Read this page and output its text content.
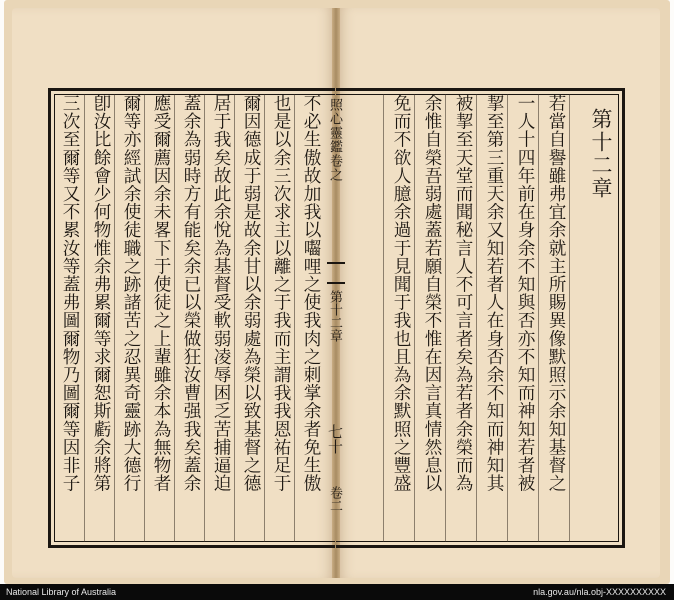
第十二章
若當自譽雖弗宜余就主所賜異像默照示余知基督之
一人十四年前在身余不知與否亦不知而神知若者被
挈至第三重天余又知若者人在身否余不知而神知其
被挈至天堂而聞秘言人不可言者矣為若者余榮而為
余惟自榮吾弱處蓋若願自榮不惟在因言真情然息以
免而不欲人臆余過于見聞于我也且為余默照之豐盛
照心靈鑑卷之
第十二章
七十
卷二
不必生傲故加我以囓哩之使我肉之刺掌余者免生傲
也是以余三次求主以離之于我而主謂我我恩祐足于
爾因德成于弱是故余甘以余弱處為榮以致基督之德
居于我矣故此余悅為基督受軟弱凌辱困乏苦捕逼迫
蓋余為弱時方有能矣余已以榮做狂汝曹强我矣蓋余
應受爾薦因余未畧下于使徒之上輩雖余本為無物者
爾等亦經試余使徒職之跡諸苦之忍異奇靈跡大德行
卽汝比餘會少何物惟余弗累爾等求爾恕斯虧余將第
三次至爾等又不累汝等蓋弗圖爾物乃圖爾等因非子
National Library of Australia	nla.gov.au/nla.obj-XXXXXXXXXX
